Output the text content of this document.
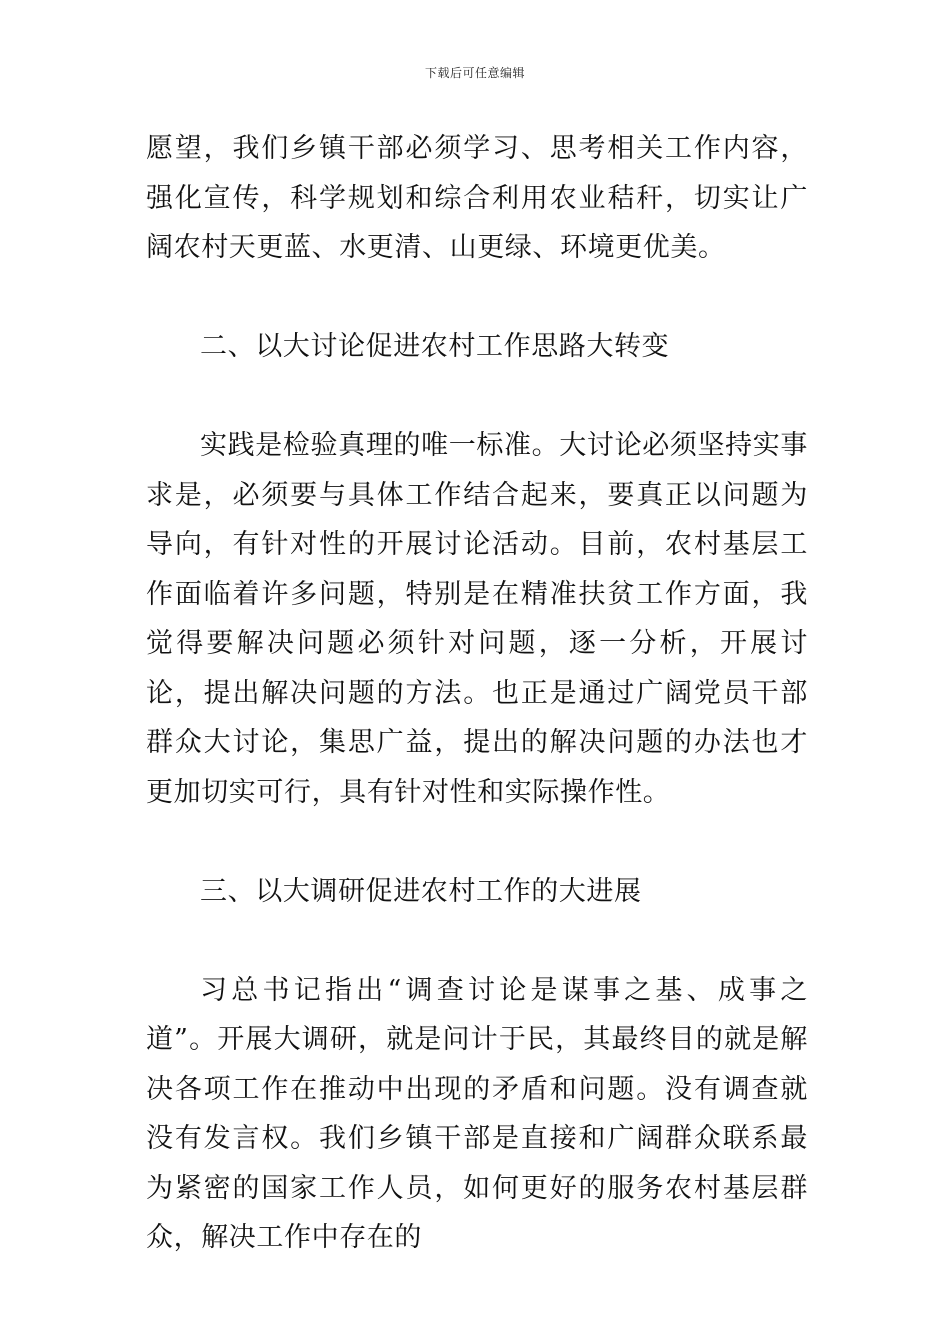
下载后可任意编辑

愿望，我们乡镇干部必须学习、思考相关工作内容，强化宣传，科学规划和综合利用农业秸秆，切实让广阔农村天更蓝、水更清、山更绿、环境更优美。

二、以大讨论促进农村工作思路大转变

实践是检验真理的唯一标准。大讨论必须坚持实事求是，必须要与具体工作结合起来，要真正以问题为导向，有针对性的开展讨论活动。目前，农村基层工作面临着许多问题，特别是在精准扶贫工作方面，我觉得要解决问题必须针对问题，逐一分析，开展讨论，提出解决问题的方法。也正是通过广阔党员干部群众大讨论，集思广益，提出的解决问题的办法也才更加切实可行，具有针对性和实际操作性。

三、以大调研促进农村工作的大进展

习总书记指出“调查讨论是谋事之基、成事之道”。开展大调研，就是问计于民，其最终目的就是解决各项工作在推动中出现的矛盾和问题。没有调查就没有发言权。我们乡镇干部是直接和广阔群众联系最为紧密的国家工作人员，如何更好的服务农村基层群众，解决工作中存在的
